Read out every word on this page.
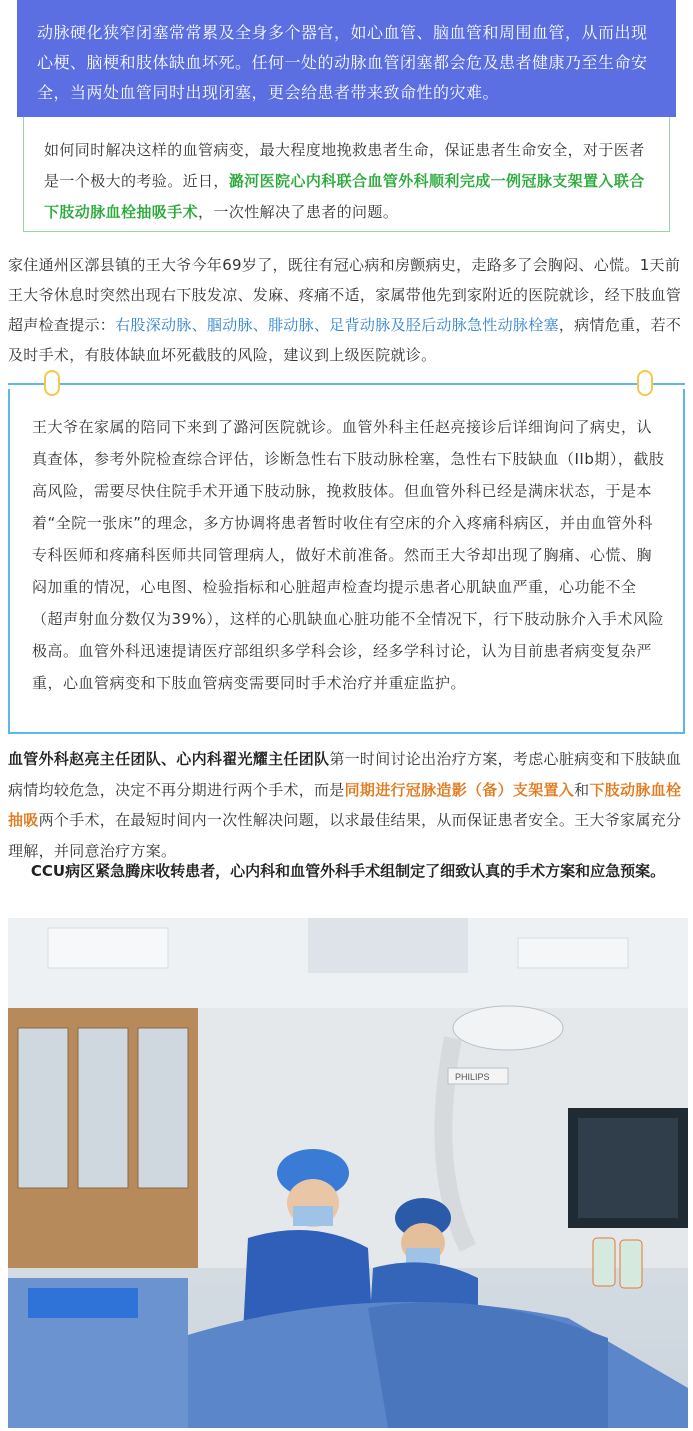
动脉硬化狭窄闭塞常常累及全身多个器官，如心血管、脑血管和周围血管，从而出现心梗、脑梗和肢体缺血坏死。任何一处的动脉血管闭塞都会危及患者健康乃至生命安全，当两处血管同时出现闭塞，更会给患者带来致命性的灾难。
如何同时解决这样的血管病变，最大程度地挽救患者生命，保证患者生命安全，对于医者是一个极大的考验。近日，潞河医院心内科联合血管外科顺利完成一例冠脉支架置入联合下肢动脉血栓抽吸手术，一次性解决了患者的问题。
家住通州区漷县镇的王大爷今年69岁了，既往有冠心病和房颤病史，走路多了会胸闷、心慌。1天前王大爷休息时突然出现右下肢发凉、发麻、疼痛不适，家属带他先到家附近的医院就诊，经下肢血管超声检查提示：右股深动脉、腘动脉、腓动脉、足背动脉及胫后动脉急性动脉栓塞，病情危重，若不及时手术，有肢体缺血坏死截肢的风险，建议到上级医院就诊。
王大爷在家属的陪同下来到了潞河医院就诊。血管外科主任赵亮接诊后详细询问了病史，认真查体，参考外院检查综合评估，诊断急性右下肢动脉栓塞，急性右下肢缺血（IIb期），截肢高风险，需要尽快住院手术开通下肢动脉，挽救肢体。但血管外科已经是满床状态，于是本着“全院一张床”的理念，多方协调将患者暂时收住有空床的介入疼痛科病区，并由血管外科专科医师和疼痛科医师共同管理病人，做好术前准备。然而王大爷却出现了胸痛、心慌、胸闷加重的情况，心电图、检验指标和心脏超声检查均提示患者心肌缺血严重，心功能不全（超声射血分数仅为39%），这样的心肌缺血心脏功能不全情况下，行下肢动脉介入手术风险极高。血管外科迅速提请医疗部组织多学科会诊，经多学科讨论，认为目前患者病变复杂严重，心血管病变和下肢血管病变需要同时手术治疗并重症监护。
血管外科赵亮主任团队、心内科翟光耀主任团队第一时间讨论出治疗方案，考虑心脏病变和下肢缺血病情均较危急，决定不再分期进行两个手术，而是同期进行冠脉造影（备）支架置入和下肢动脉血栓抽吸两个手术，在最短时间内一次性解决问题，以求最佳结果，从而保证患者安全。王大爷家属充分理解，并同意治疗方案。
CCU病区紧急腾床收转患者，心内科和血管外科手术组制定了细致认真的手术方案和应急预案。
PHILIPS
